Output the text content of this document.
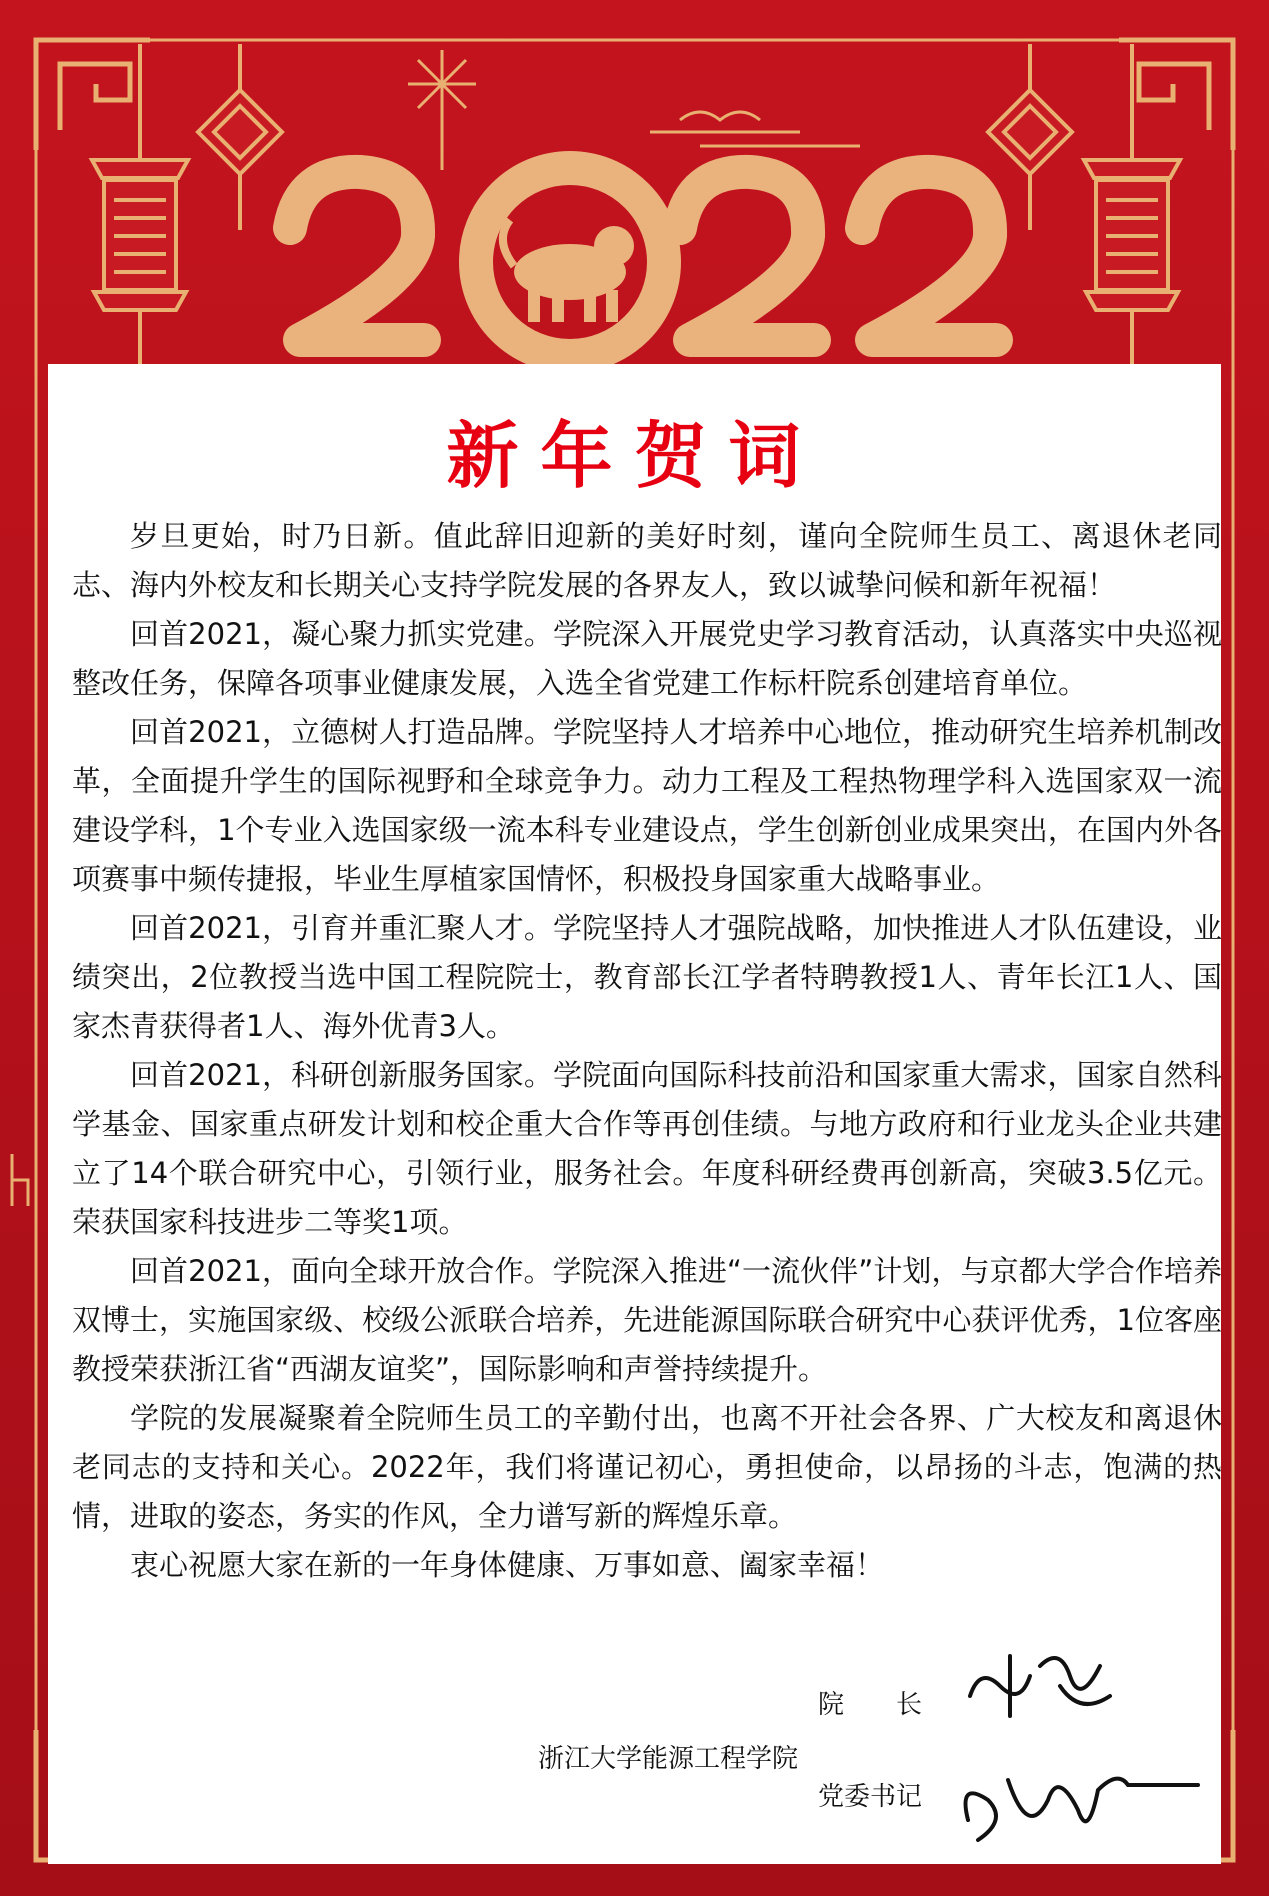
新年贺词

岁旦更始，时乃日新。值此辞旧迎新的美好时刻，谨向全院师生员工、离退休老同志、海内外校友和长期关心支持学院发展的各界友人，致以诚挚问候和新年祝福！

回首2021，凝心聚力抓实党建。学院深入开展党史学习教育活动，认真落实中央巡视整改任务，保障各项事业健康发展，入选全省党建工作标杆院系创建培育单位。

回首2021，立德树人打造品牌。学院坚持人才培养中心地位，推动研究生培养机制改革，全面提升学生的国际视野和全球竞争力。动力工程及工程热物理学科入选国家双一流建设学科，1个专业入选国家级一流本科专业建设点，学生创新创业成果突出，在国内外各项赛事中频传捷报，毕业生厚植家国情怀，积极投身国家重大战略事业。

回首2021，引育并重汇聚人才。学院坚持人才强院战略，加快推进人才队伍建设，业绩突出，2位教授当选中国工程院院士，教育部长江学者特聘教授1人、青年长江1人、国家杰青获得者1人、海外优青3人。

回首2021，科研创新服务国家。学院面向国际科技前沿和国家重大需求，国家自然科学基金、国家重点研发计划和校企重大合作等再创佳绩。与地方政府和行业龙头企业共建立了14个联合研究中心，引领行业，服务社会。年度科研经费再创新高，突破3.5亿元。荣获国家科技进步二等奖1项。

回首2021，面向全球开放合作。学院深入推进“一流伙伴”计划，与京都大学合作培养双博士，实施国家级、校级公派联合培养，先进能源国际联合研究中心获评优秀，1位客座教授荣获浙江省“西湖友谊奖”，国际影响和声誉持续提升。

学院的发展凝聚着全院师生员工的辛勤付出，也离不开社会各界、广大校友和离退休老同志的支持和关心。2022年，我们将谨记初心，勇担使命，以昂扬的斗志，饱满的热情，进取的姿态，务实的作风，全力谱写新的辉煌乐章。

衷心祝愿大家在新的一年身体健康、万事如意、阖家幸福！

院　　长
浙江大学能源工程学院
党委书记
